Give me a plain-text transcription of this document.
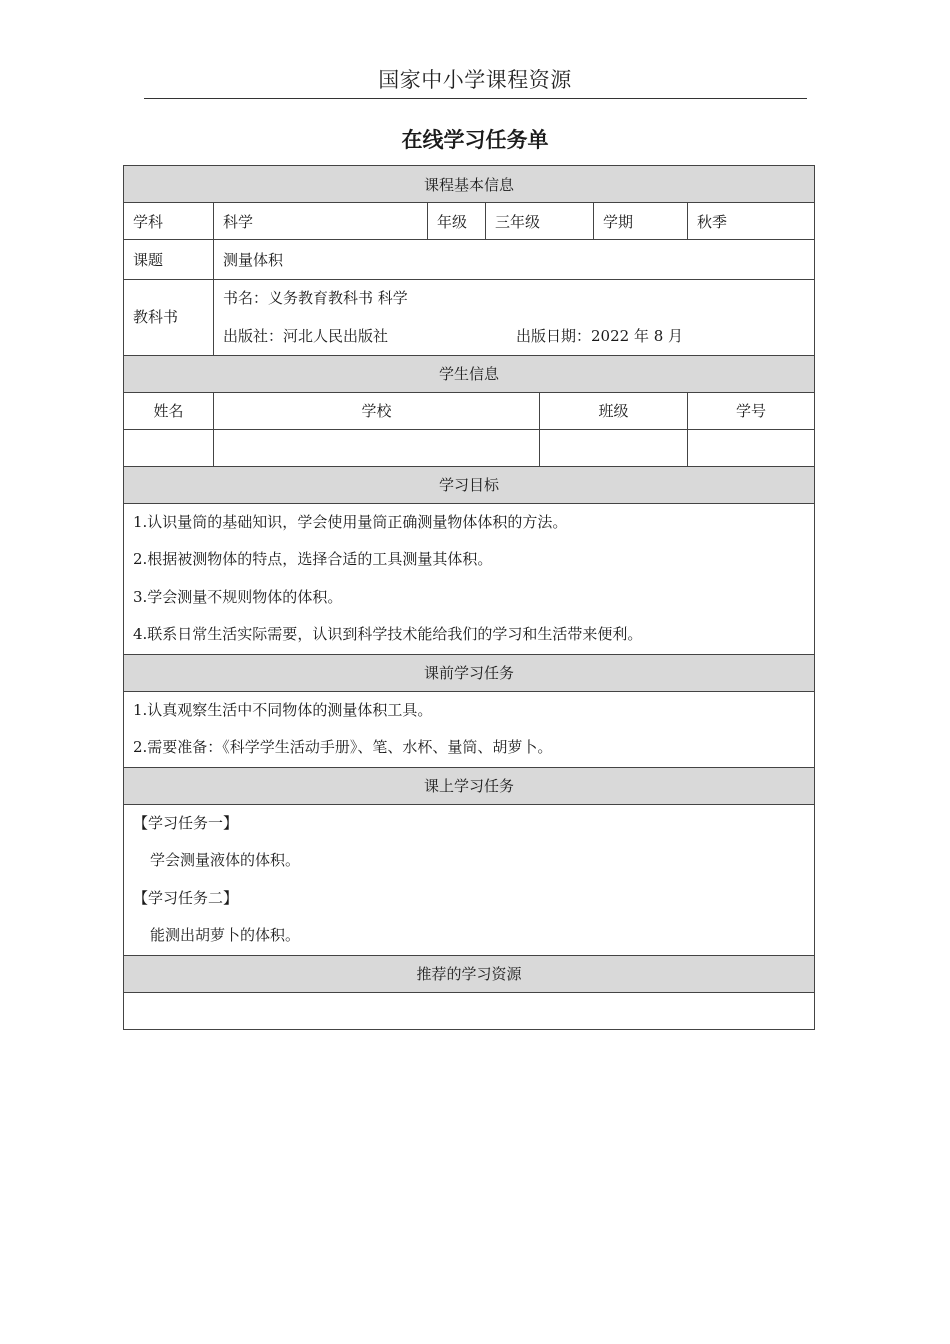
国家中小学课程资源
在线学习任务单
课程基本信息						
学科	科学	年级	三年级		学期	秋季
课题	测量体积					

教科书	书名：义务教育教科书 科学
出版社：河北人民出版社 出版日期：2022 年 8 月					

学生信息						
姓名	学校			班级		学号

学习目标						

1.认识量筒的基础知识，学会使用量筒正确测量物体体积的方法。
2.根据被测物体的特点，选择合适的工具测量其体积。
3.学会测量不规则物体的体积。
4.联系日常生活实际需要，认识到科学技术能给我们的学习和生活带来便利。						

课前学习任务						

1.认真观察生活中不同物体的测量体积工具。
2.需要准备：《科学学生活动手册》、笔、水杯、量筒、胡萝卜。						

课上学习任务						

【学习任务一】
学会测量液体的体积。
【学习任务二】
能测出胡萝卜的体积。						

推荐的学习资源						
